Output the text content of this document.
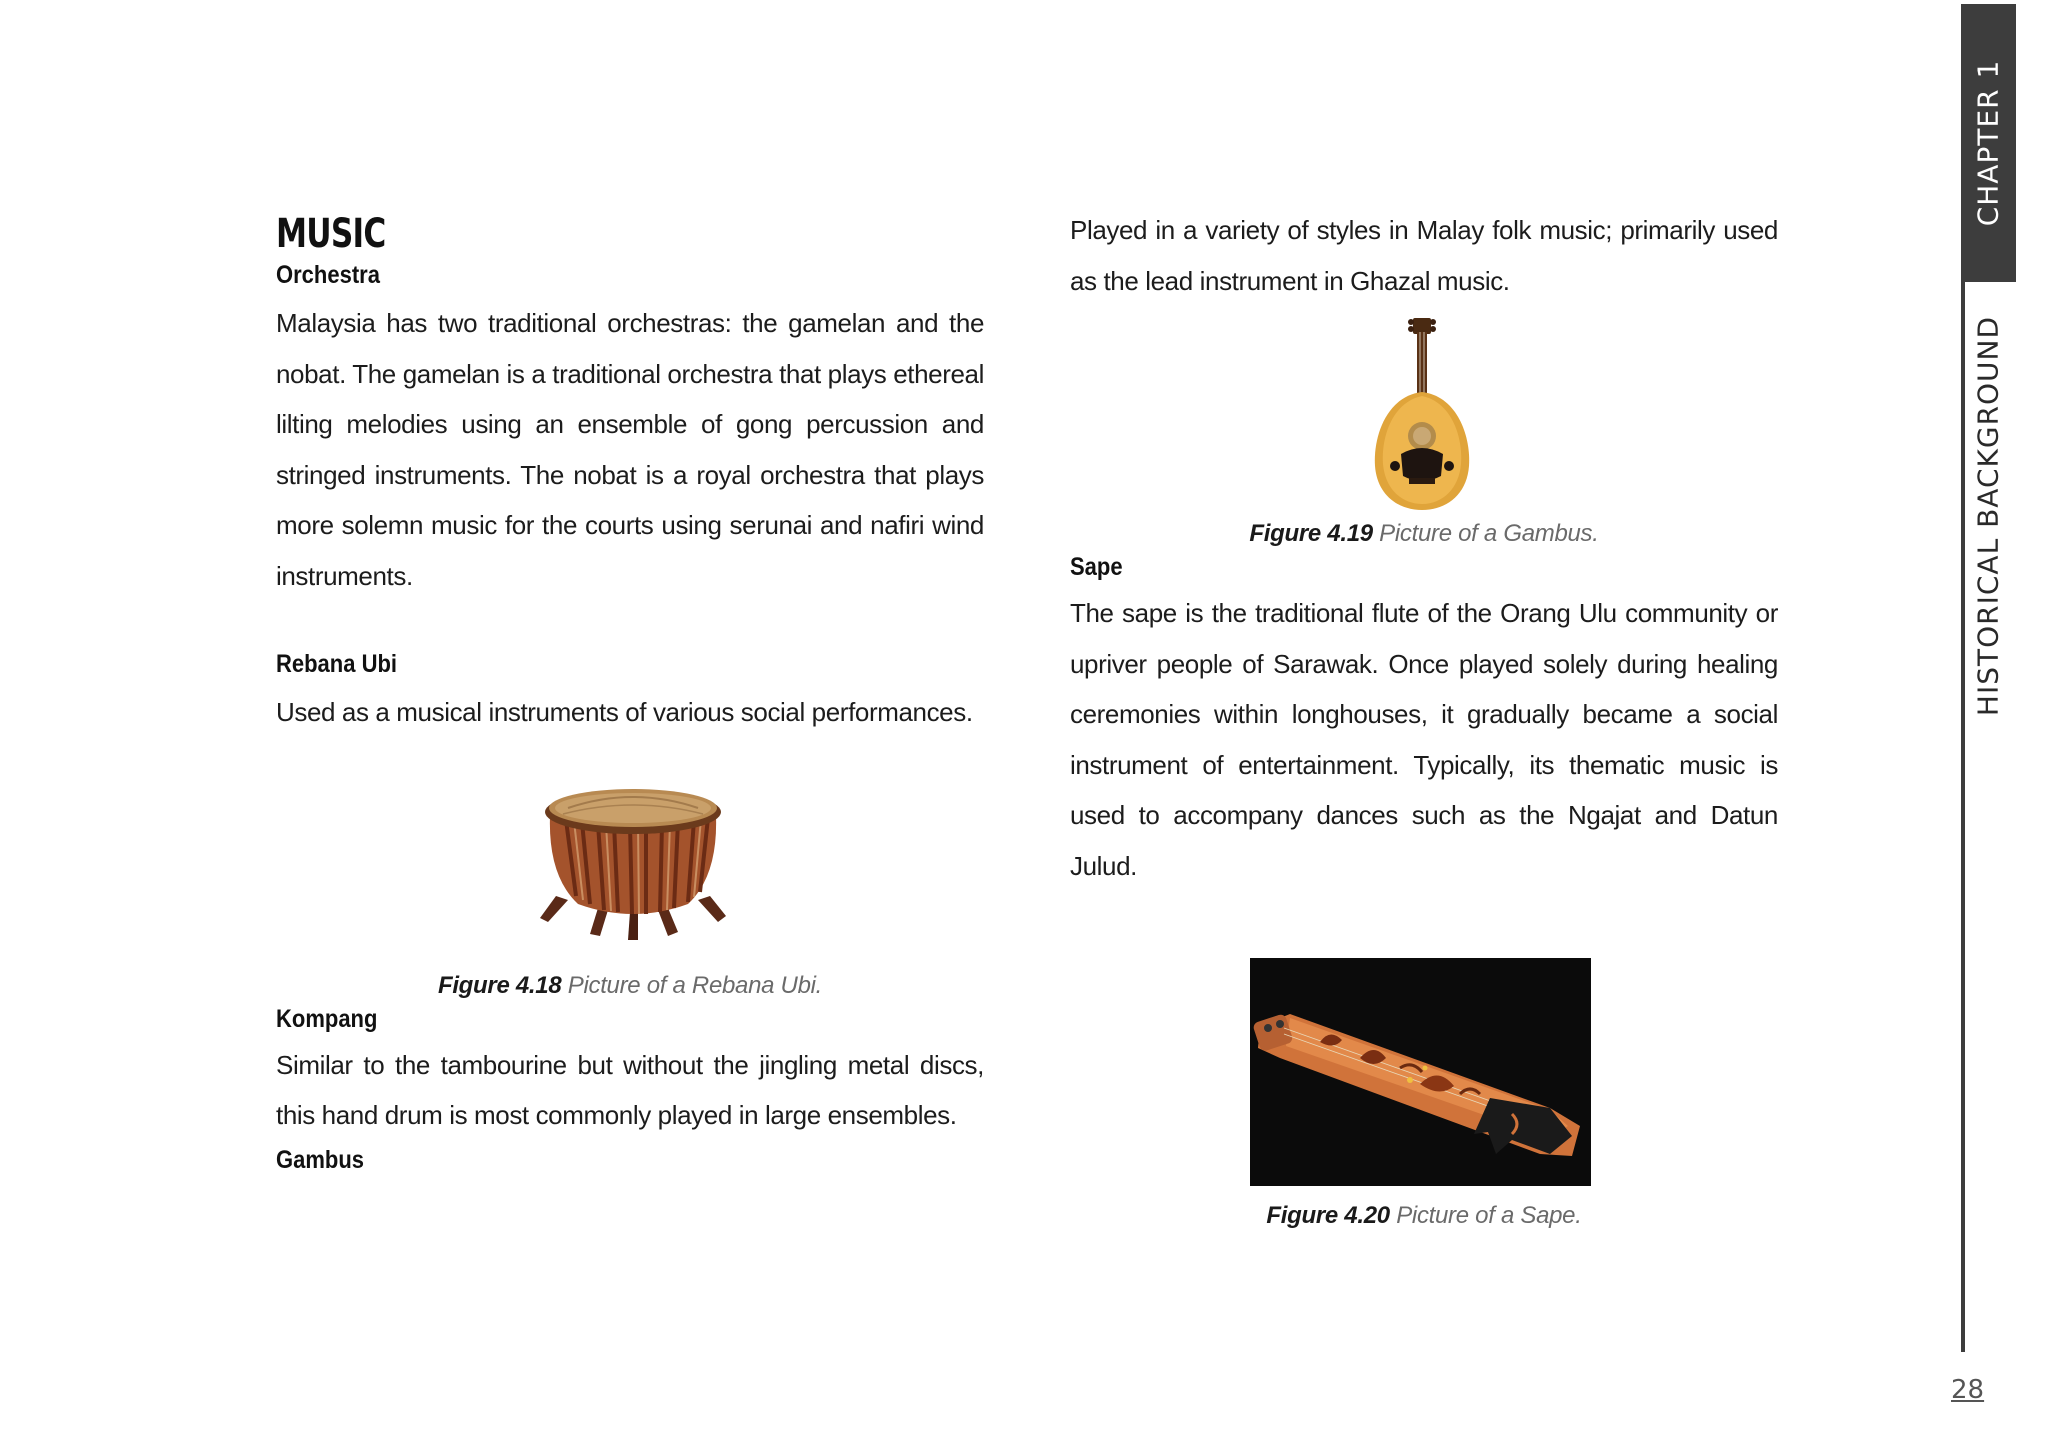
MUSIC
Orchestra
Malaysia has two traditional orchestras: the gamelan and the nobat. The gamelan is a traditional orchestra that plays ethereal lilting melodies using an ensemble of gong percussion and stringed instruments. The nobat is a royal orchestra that plays more solemn music for the courts using serunai and nafiri wind instruments.
Rebana Ubi
Used as a musical instruments of various social performances.
Figure 4.18 Picture of a Rebana Ubi.
Kompang
Similar to the tambourine but without the jingling metal discs, this hand drum is most commonly played in large ensembles.
Gambus
Played in a variety of styles in Malay folk music; primarily used as the lead instrument in Ghazal music.
Figure 4.19 Picture of a Gambus.
Sape
The sape is the traditional flute of the Orang Ulu community or upriver people of Sarawak. Once played solely during healing ceremonies within longhouses, it gradually became a social instrument of entertainment. Typically, its thematic music is used to accompany dances such as the Ngajat and Datun Julud.
Figure 4.20 Picture of a Sape.
CHAPTER 1
HISTORICAL BACKGROUND
28
